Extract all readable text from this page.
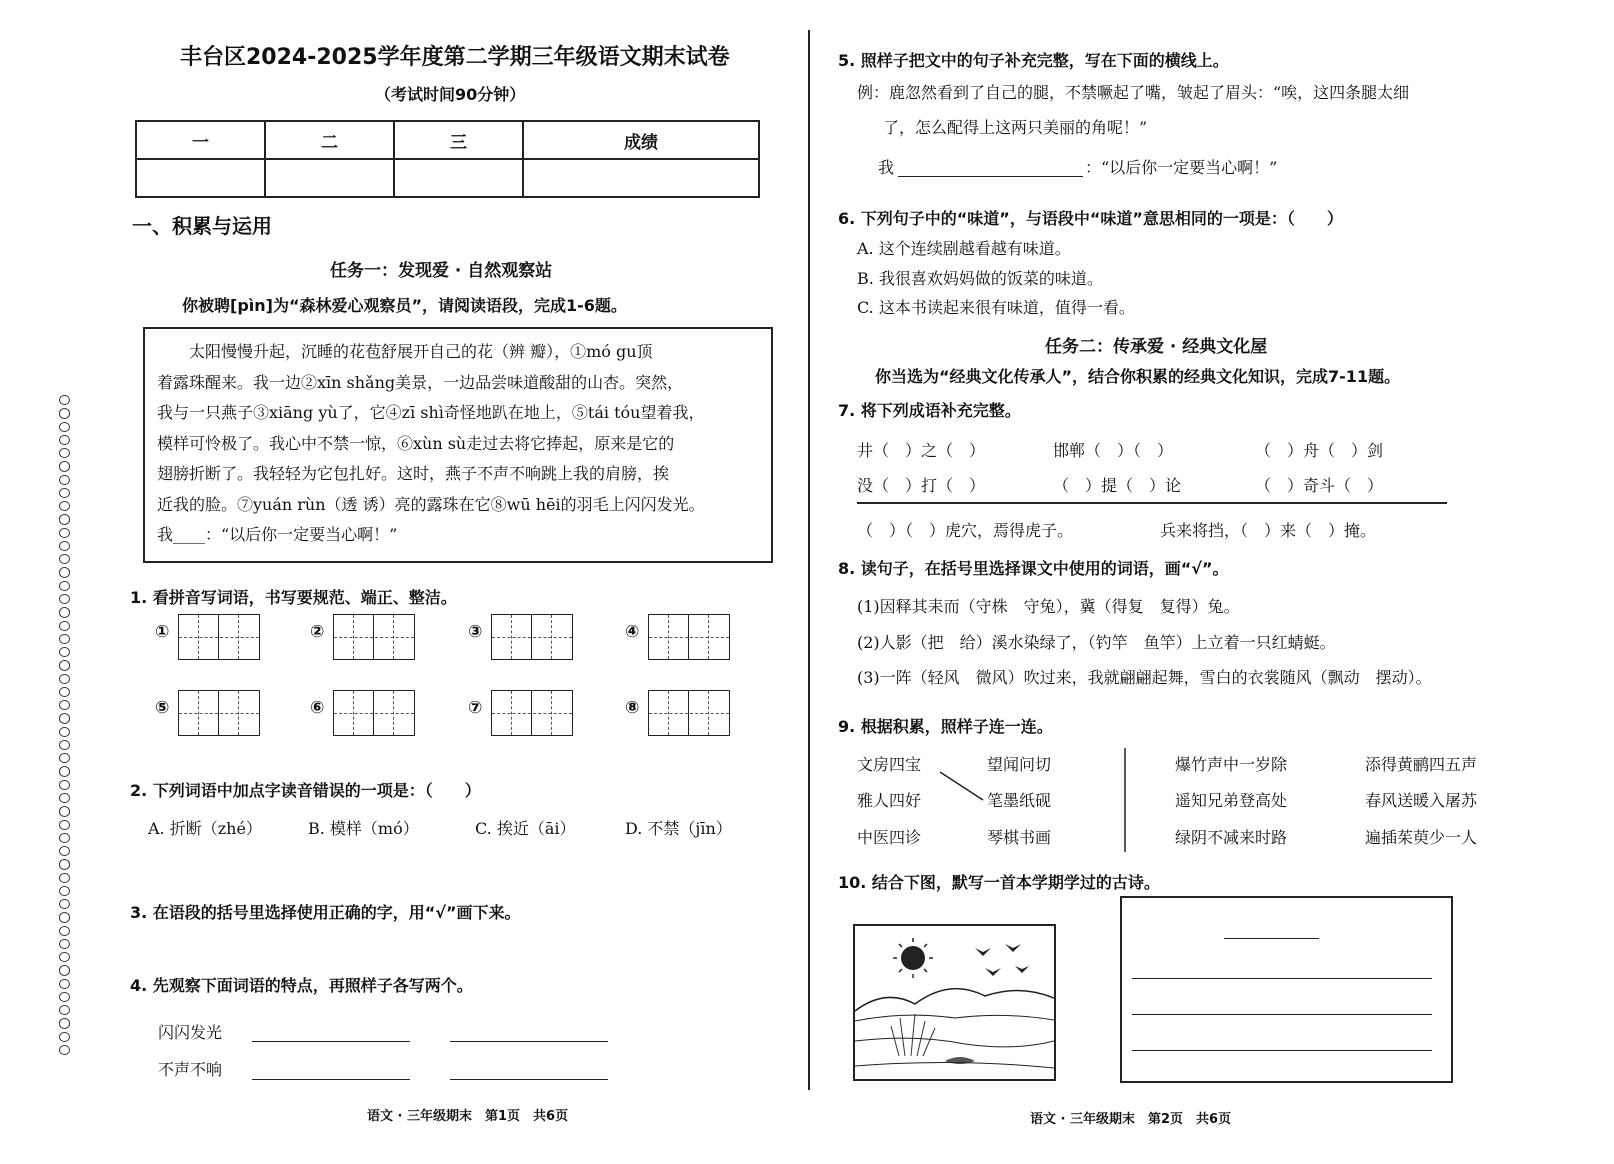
丰台区2024-2025学年度第二学期三年级语文期末试卷
（考试时间90分钟）
一	二	三	成绩

一、积累与运用
任务一：发现爱 · 自然观察站
你被聘[pìn]为“森林爱心观察员”，请阅读语段，完成1-6题。
太阳慢慢升起，沉睡的花苞舒展开自己的花（辨 瓣），①mó gu顶
着露珠醒来。我一边②xīn shǎng美景，一边品尝味道酸甜的山杏。突然，
我与一只燕子③xiāng yù了，它④zī shì奇怪地趴在地上，⑤tái tóu望着我，
模样可怜极了。我心中不禁一惊，⑥xùn sù走过去将它捧起，原来是它的
翅膀折断了。我轻轻为它包扎好。这时，燕子不声不响跳上我的肩膀，挨
近我的脸。⑦yuán rùn（透 诱）亮的露珠在它⑧wū hēi的羽毛上闪闪发光。
我____：“以后你一定要当心啊！”
1. 看拼音写词语，书写要规范、端正、整洁。
①	②	③	④
⑤	⑥	⑦	⑧
2. 下列词语中加点字读音错误的一项是：（　　）
A. 折断（zhé）	B. 模样（mó）	C. 挨近（āi）	D. 不禁（jīn）
3. 在语段的括号里选择使用正确的字，用“√”画下来。
4. 先观察下面词语的特点，再照样子各写两个。
闪闪发光
不声不响
语文 · 三年级期末　第1页　共6页
5. 照样子把文中的句子补充完整，写在下面的横线上。
例：鹿忽然看到了自己的腿，不禁噘起了嘴，皱起了眉头：“唉，这四条腿太细
了，怎么配得上这两只美丽的角呢！”
我	：“以后你一定要当心啊！”
6. 下列句子中的“味道”，与语段中“味道”意思相同的一项是：（　　）
A. 这个连续剧越看越有味道。
B. 我很喜欢妈妈做的饭菜的味道。
C. 这本书读起来很有味道，值得一看。
任务二：传承爱 · 经典文化屋
你当选为“经典文化传承人”，结合你积累的经典文化知识，完成7-11题。
7. 将下列成语补充完整。
井（　）之（　）	邯郸（　）（　）	（　）舟（　）剑
没（　）打（　）	（　）提（　）论	（　）奇斗（　）
（　）（　）虎穴，焉得虎子。	兵来将挡，（　）来（　）掩。
8. 读句子，在括号里选择课文中使用的词语，画“√”。
(1)因释其耒而（守株　守兔），冀（得复　复得）兔。
(2)人影（把　给）溪水染绿了，（钓竿　鱼竿）上立着一只红蜻蜓。
(3)一阵（轻风　微风）吹过来，我就翩翩起舞，雪白的衣裳随风（飘动　摆动）。
9. 根据积累，照样子连一连。
文房四宝
雅人四好
中医四诊
望闻问切
笔墨纸砚
琴棋书画
爆竹声中一岁除
遥知兄弟登高处
绿阴不减来时路
添得黄鹂四五声
春风送暖入屠苏
遍插茱萸少一人
10. 结合下图，默写一首本学期学过的古诗。
语文 · 三年级期末　第2页　共6页
